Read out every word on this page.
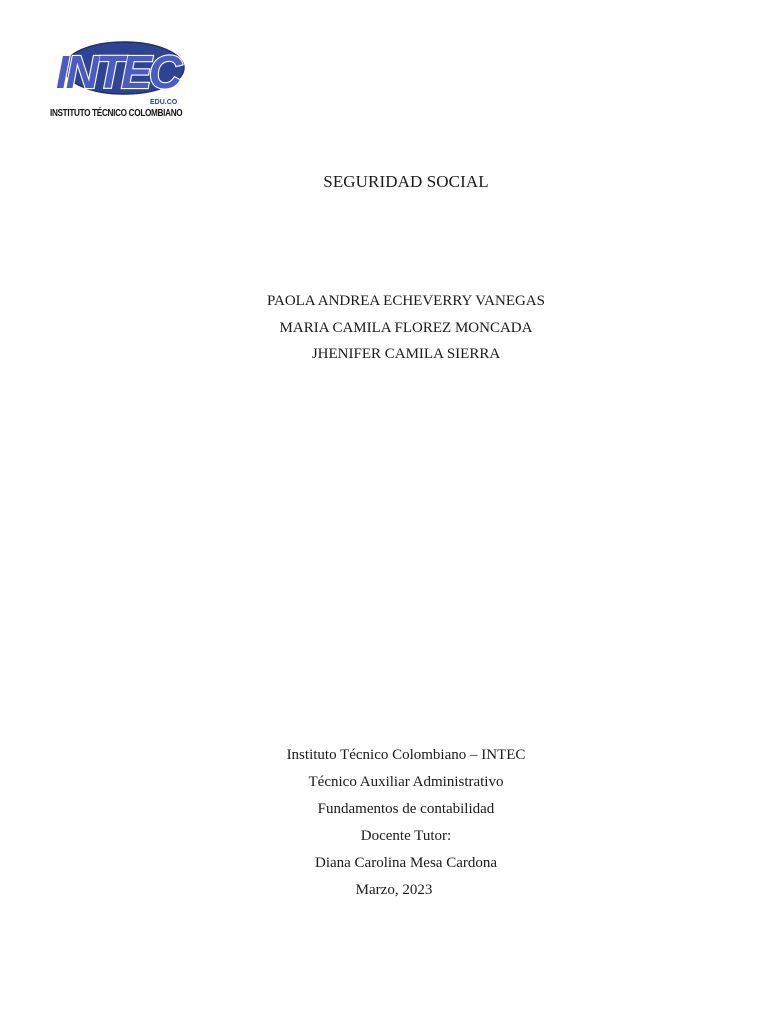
INTEC
EDU.CO
INSTITUTO TÉCNICO COLOMBIANO
SEGURIDAD SOCIAL
PAOLA ANDREA ECHEVERRY VANEGAS
MARIA CAMILA FLOREZ MONCADA
JHENIFER CAMILA SIERRA
Instituto Técnico Colombiano – INTEC
Técnico Auxiliar Administrativo
Fundamentos de contabilidad
Docente Tutor:
Diana Carolina Mesa Cardona
Marzo, 2023
